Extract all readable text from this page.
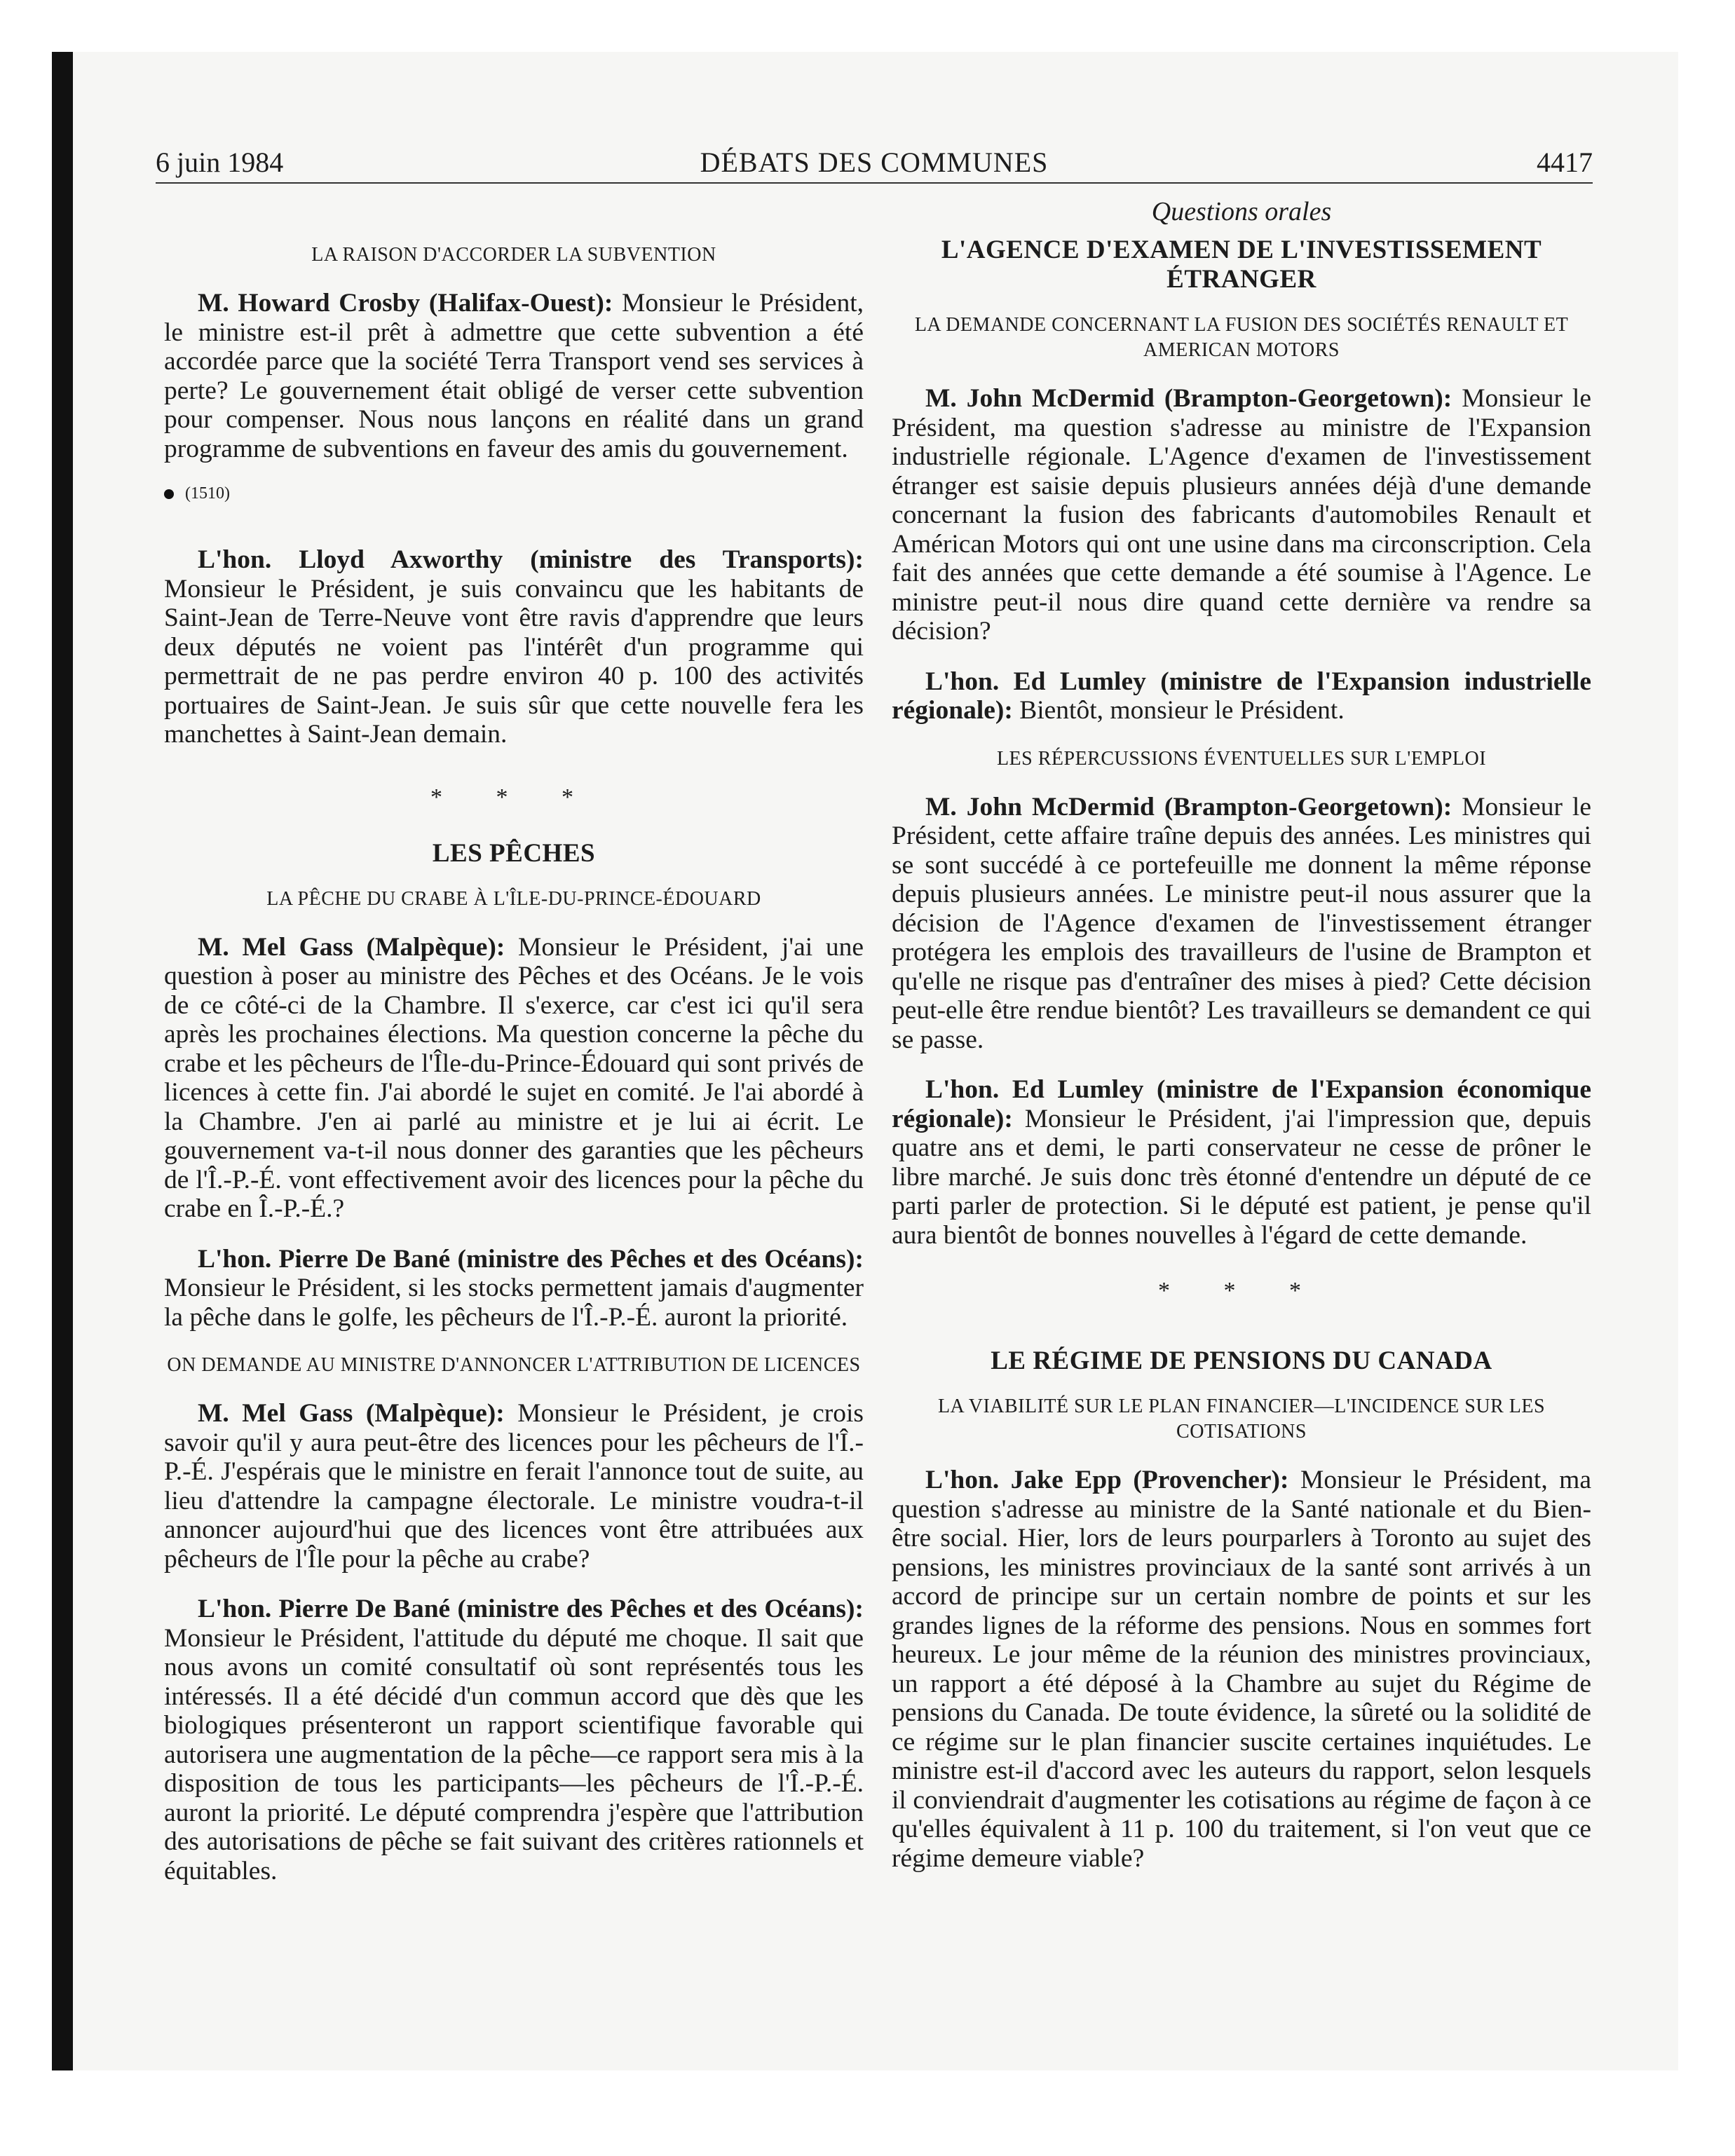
6 juin 1984	DÉBATS DES COMMUNES	4417
LA RAISON D'ACCORDER LA SUBVENTION

M. Howard Crosby (Halifax-Ouest): Monsieur le Président, le ministre est-il prêt à admettre que cette subvention a été accordée parce que la société Terra Transport vend ses services à perte? Le gouvernement était obligé de verser cette subvention pour compenser. Nous nous lançons en réalité dans un grand programme de subventions en faveur des amis du gouvernement.

(1510)

L'hon. Lloyd Axworthy (ministre des Transports): Monsieur le Président, je suis convaincu que les habitants de Saint-Jean de Terre-Neuve vont être ravis d'apprendre que leurs deux députés ne voient pas l'intérêt d'un programme qui permettrait de ne pas perdre environ 40 p. 100 des activités portuaires de Saint-Jean. Je suis sûr que cette nouvelle fera les manchettes à Saint-Jean demain.

* * *
LES PÊCHES
LA PÊCHE DU CRABE À L'ÎLE-DU-PRINCE-ÉDOUARD

M. Mel Gass (Malpèque): Monsieur le Président, j'ai une question à poser au ministre des Pêches et des Océans. Je le vois de ce côté-ci de la Chambre. Il s'exerce, car c'est ici qu'il sera après les prochaines élections. Ma question concerne la pêche du crabe et les pêcheurs de l'Île-du-Prince-Édouard qui sont privés de licences à cette fin. J'ai abordé le sujet en comité. Je l'ai abordé à la Chambre. J'en ai parlé au ministre et je lui ai écrit. Le gouvernement va-t-il nous donner des garanties que les pêcheurs de l'Î.-P.-É. vont effectivement avoir des licences pour la pêche du crabe en Î.-P.-É.?

L'hon. Pierre De Bané (ministre des Pêches et des Océans): Monsieur le Président, si les stocks permettent jamais d'augmenter la pêche dans le golfe, les pêcheurs de l'Î.-P.-É. auront la priorité.

ON DEMANDE AU MINISTRE D'ANNONCER L'ATTRIBUTION DE LICENCES

M. Mel Gass (Malpèque): Monsieur le Président, je crois savoir qu'il y aura peut-être des licences pour les pêcheurs de l'Î.-P.-É. J'espérais que le ministre en ferait l'annonce tout de suite, au lieu d'attendre la campagne électorale. Le ministre voudra-t-il annoncer aujourd'hui que des licences vont être attribuées aux pêcheurs de l'Île pour la pêche au crabe?

L'hon. Pierre De Bané (ministre des Pêches et des Océans): Monsieur le Président, l'attitude du député me choque. Il sait que nous avons un comité consultatif où sont représentés tous les intéressés. Il a été décidé d'un commun accord que dès que les biologiques présenteront un rapport scientifique favorable qui autorisera une augmentation de la pêche—ce rapport sera mis à la disposition de tous les participants—les pêcheurs de l'Î.-P.-É. auront la priorité. Le député comprendra j'espère que l'attribution des autorisations de pêche se fait suivant des critères rationnels et équitables.

Questions orales
L'AGENCE D'EXAMEN DE L'INVESTISSEMENT ÉTRANGER
LA DEMANDE CONCERNANT LA FUSION DES SOCIÉTÉS RENAULT ET AMERICAN MOTORS

M. John McDermid (Brampton-Georgetown): Monsieur le Président, ma question s'adresse au ministre de l'Expansion industrielle régionale. L'Agence d'examen de l'investissement étranger est saisie depuis plusieurs années déjà d'une demande concernant la fusion des fabricants d'automobiles Renault et Américan Motors qui ont une usine dans ma circonscription. Cela fait des années que cette demande a été soumise à l'Agence. Le ministre peut-il nous dire quand cette dernière va rendre sa décision?

L'hon. Ed Lumley (ministre de l'Expansion industrielle régionale): Bientôt, monsieur le Président.

LES RÉPERCUSSIONS ÉVENTUELLES SUR L'EMPLOI

M. John McDermid (Brampton-Georgetown): Monsieur le Président, cette affaire traîne depuis des années. Les ministres qui se sont succédé à ce portefeuille me donnent la même réponse depuis plusieurs années. Le ministre peut-il nous assurer que la décision de l'Agence d'examen de l'investissement étranger protégera les emplois des travailleurs de l'usine de Brampton et qu'elle ne risque pas d'entraîner des mises à pied? Cette décision peut-elle être rendue bientôt? Les travailleurs se demandent ce qui se passe.

L'hon. Ed Lumley (ministre de l'Expansion économique régionale): Monsieur le Président, j'ai l'impression que, depuis quatre ans et demi, le parti conservateur ne cesse de prôner le libre marché. Je suis donc très étonné d'entendre un député de ce parti parler de protection. Si le député est patient, je pense qu'il aura bientôt de bonnes nouvelles à l'égard de cette demande.

* * *
LE RÉGIME DE PENSIONS DU CANADA
LA VIABILITÉ SUR LE PLAN FINANCIER—L'INCIDENCE SUR LES COTISATIONS

L'hon. Jake Epp (Provencher): Monsieur le Président, ma question s'adresse au ministre de la Santé nationale et du Bien-être social. Hier, lors de leurs pourparlers à Toronto au sujet des pensions, les ministres provinciaux de la santé sont arrivés à un accord de principe sur un certain nombre de points et sur les grandes lignes de la réforme des pensions. Nous en sommes fort heureux. Le jour même de la réunion des ministres provinciaux, un rapport a été déposé à la Chambre au sujet du Régime de pensions du Canada. De toute évidence, la sûreté ou la solidité de ce régime sur le plan financier suscite certaines inquiétudes. Le ministre est-il d'accord avec les auteurs du rapport, selon lesquels il conviendrait d'augmenter les cotisations au régime de façon à ce qu'elles équivalent à 11 p. 100 du traitement, si l'on veut que ce régime demeure viable?
